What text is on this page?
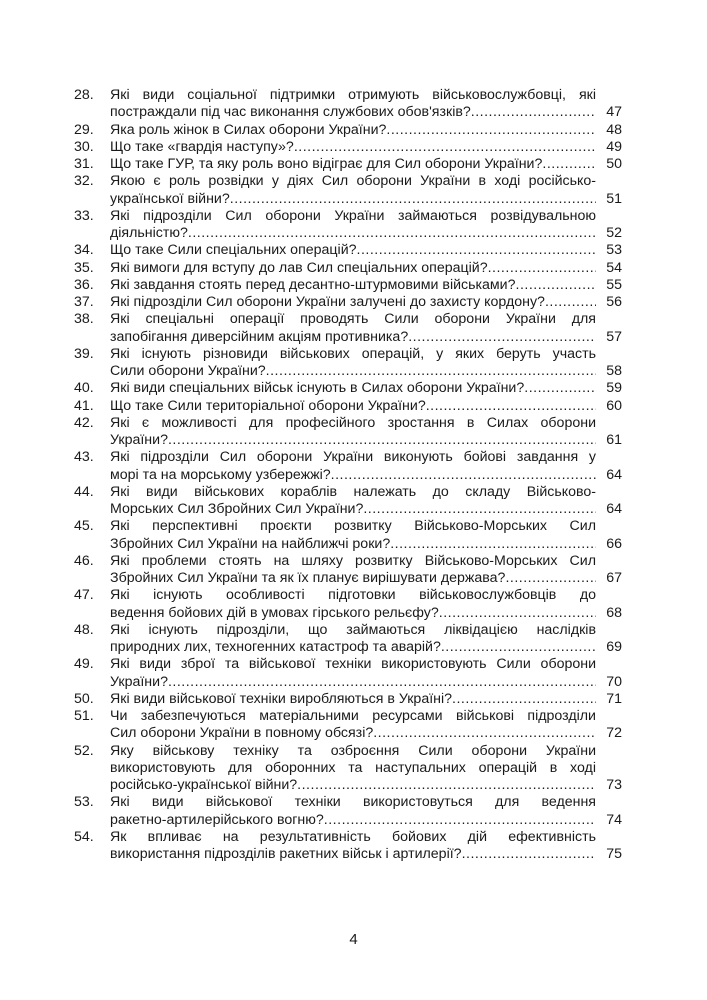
28.	Які види соціальної підтримки отримують військовослужбовці, які
постраждали під час виконання службових обов'язків? .....	47
29.	Яка роль жінок в Силах оборони України? .....	48
30.	Що таке «гвардія наступу»? .....	49
31.	Що таке ГУР, та яку роль воно відіграє для Сил оборони України? .....	50
32.	Якою є роль розвідки у діях Сил оборони України в ході російсько-
української війни? .....	51
33.	Які підрозділи Сил оборони України займаються розвідувальною
діяльністю? .....	52
34.	Що таке Сили спеціальних операцій? .....	53
35.	Які вимоги для вступу до лав Сил спеціальних операцій? .....	54
36.	Які завдання стоять перед десантно-штурмовими військами? .....	55
37.	Які підрозділи Сил оборони України залучені до захисту кордону? .....	56
38.	Які спеціальні операції проводять Сили оборони України для
запобігання диверсійним акціям противника? .....	57
39.	Які існують різновиди військових операцій, у яких беруть участь
Сили оборони України? .....	58
40.	Які види спеціальних військ існують в Силах оборони України? .....	59
41.	Що таке Сили територіальної оборони України? .....	60
42.	Які є можливості для професійного зростання в Силах оборони
України? .....	61
43.	Які підрозділи Сил оборони України виконують бойові завдання у
морі та на морському узбережжі? .....	64
44.	Які види військових кораблів належать до складу Військово-
Морських Сил Збройних Сил України? .....	64
45.	Які перспективні проєкти розвитку Військово-Морських Сил
Збройних Сил України на найближчі роки? .....	66
46.	Які проблеми стоять на шляху розвитку Військово-Морських Сил
Збройних Сил України та як їх планує вирішувати держава? .....	67
47.	Які існують особливості підготовки військовослужбовців до
ведення бойових дій в умовах гірського рельєфу? .....	68
48.	Які існують підрозділи, що займаються ліквідацією наслідків
природних лих, техногенних катастроф та аварій? .....	69
49.	Які види зброї та військової техніки використовують Сили оборони
України? .....	70
50.	Які види військової техніки виробляються в Україні? .....	71
51.	Чи забезпечуються матеріальними ресурсами військові підрозділи
Сил оборони України в повному обсязі? .....	72
52.	Яку військову техніку та озброєння Сили оборони України
використовують для оборонних та наступальних операцій в ході
російсько-української війни? .....	73
53.	Які види військової техніки використовуться для ведення
ракетно-артилерійського вогню? .....	74
54.	Як впливає на результативність бойових дій ефективність
використання підрозділів ракетних військ і артилерії? .....	75
4
